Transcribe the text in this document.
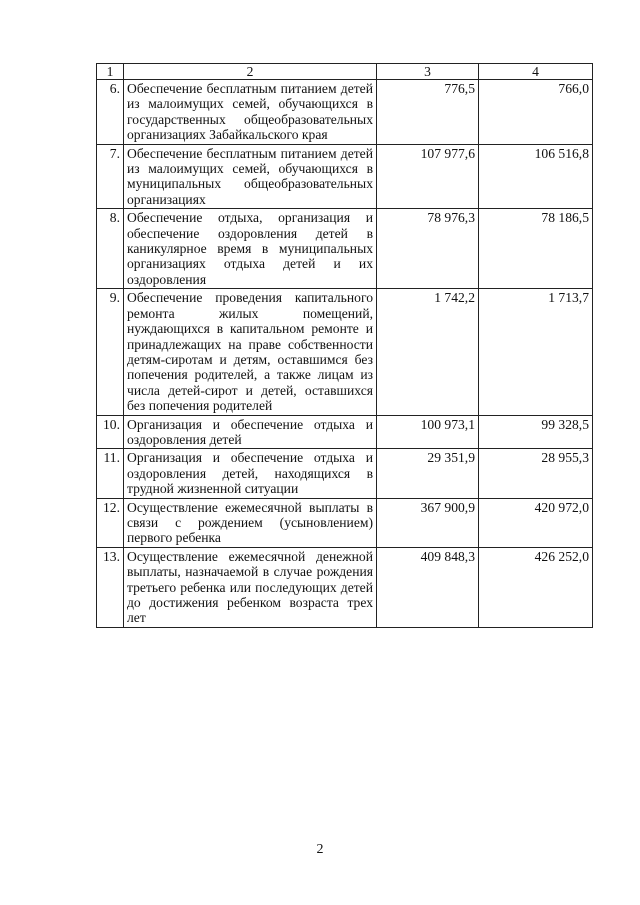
1	2	3	4
6.	Обеспечение бесплатным питанием детей из малоимущих семей, обучающихся в государственных общеобразовательных организациях Забайкальского края	776,5	766,0
7.	Обеспечение бесплатным питанием детей из малоимущих семей, обучающихся в муниципальных общеобразовательных организациях	107 977,6	106 516,8
8.	Обеспечение отдыха, организация и обеспечение оздоровления детей в каникулярное время в муниципальных организациях отдыха детей и их оздоровления	78 976,3	78 186,5
9.	Обеспечение проведения капитального ремонта жилых помещений, нуждающихся в капитальном ремонте и принадлежащих на праве собственности детям-сиротам и детям, оставшимся без попечения родителей, а также лицам из числа детей-сирот и детей, оставшихся без попечения родителей	1 742,2	1 713,7
10.	Организация и обеспечение отдыха и оздоровления детей	100 973,1	99 328,5
11.	Организация и обеспечение отдыха и оздоровления детей, находящихся в трудной жизненной ситуации	29 351,9	28 955,3
12.	Осуществление ежемесячной выплаты в связи с рождением (усыновлением) первого ребенка	367 900,9	420 972,0
13.	Осуществление ежемесячной денежной выплаты, назначаемой в случае рождения третьего ребенка или последующих детей до достижения ребенком возраста трех лет	409 848,3	426 252,0
2
